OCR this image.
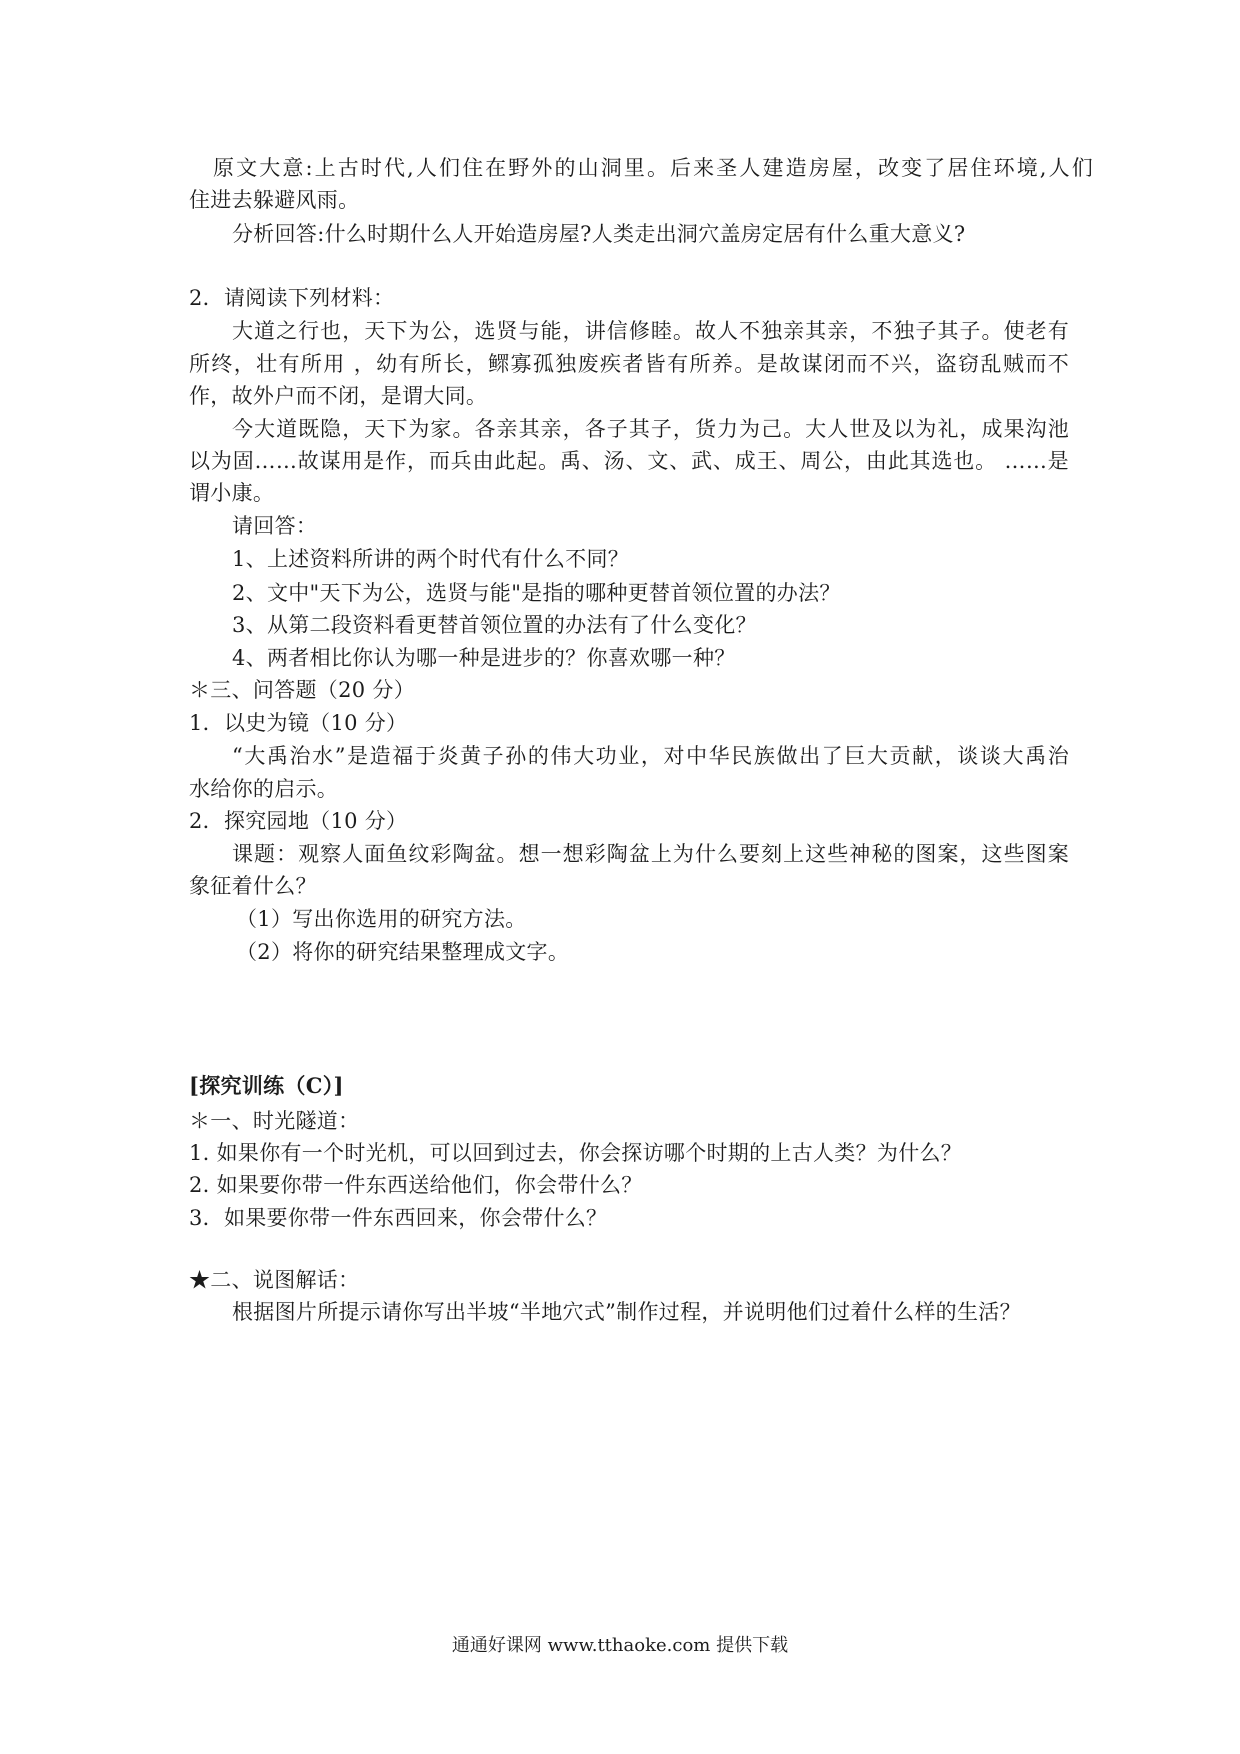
原文大意:上古时代,人们住在野外的山洞里。后来圣人建造房屋，改变了居住环境,人们
住进去躲避风雨。
分析回答:什么时期什么人开始造房屋?人类走出洞穴盖房定居有什么重大意义?
2．请阅读下列材料：
大道之行也，天下为公，选贤与能，讲信修睦。故人不独亲其亲，不独子其子。使老有
所终，壮有所用 ，幼有所长，鳏寡孤独废疾者皆有所养。是故谋闭而不兴，盗窃乱贼而不
作，故外户而不闭，是谓大同。
今大道既隐，天下为家。各亲其亲，各子其子，货力为己。大人世及以为礼，成果沟池
以为固……故谋用是作，而兵由此起。禹、汤、文、武、成王、周公，由此其选也。 ……是
谓小康。
请回答：
1、上述资料所讲的两个时代有什么不同？
2、文中"天下为公，选贤与能"是指的哪种更替首领位置的办法？
3、从第二段资料看更替首领位置的办法有了什么变化？
4、两者相比你认为哪一种是进步的？你喜欢哪一种？
＊三、问答题（20 分）
1．以史为镜（10 分）
“大禹治水”是造福于炎黄子孙的伟大功业，对中华民族做出了巨大贡献，谈谈大禹治
水给你的启示。
2．探究园地（10 分）
课题：观察人面鱼纹彩陶盆。想一想彩陶盆上为什么要刻上这些神秘的图案，这些图案
象征着什么？
（1）写出你选用的研究方法。
（2）将你的研究结果整理成文字。
[探究训练（C）]
＊一、时光隧道：
1. 如果你有一个时光机，可以回到过去，你会探访哪个时期的上古人类？为什么？
2. 如果要你带一件东西送给他们，你会带什么？
3．如果要你带一件东西回来，你会带什么？
★二、说图解话：
根据图片所提示请你写出半坡“半地穴式”制作过程，并说明他们过着什么样的生活？
通通好课网 www.tthaoke.com 提供下载
